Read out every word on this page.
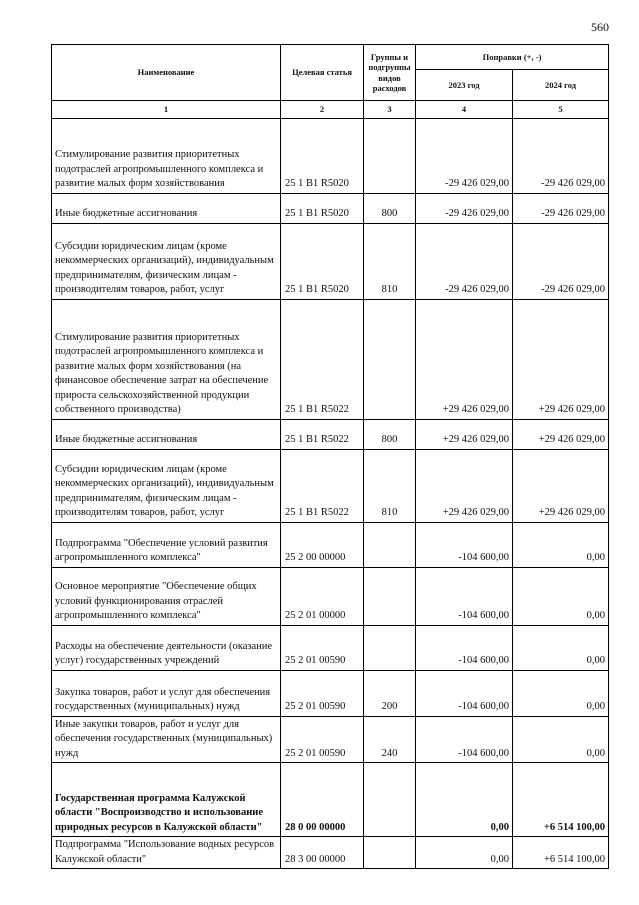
560
Наименование	Целевая статья	Группы и подгруппы видов расходов	Поправки (+, -)	
			2023 год	2024 год
1	2	3	4	5
Стимулирование развития приоритетных подотраслей агропромышленного комплекса и развитие малых форм хозяйствования	25 1 B1 R5020		-29 426 029,00	-29 426 029,00
Иные бюджетные ассигнования	25 1 B1 R5020	800	-29 426 029,00	-29 426 029,00
Субсидии юридическим лицам (кроме некоммерческих организаций), индивидуальным предпринимателям, физическим лицам - производителям товаров, работ, услуг	25 1 B1 R5020	810	-29 426 029,00	-29 426 029,00
Стимулирование развития приоритетных подотраслей агропромышленного комплекса и развитие малых форм хозяйствования (на финансовое обеспечение затрат на обеспечение прироста сельскохозяйственной продукции собственного производства)	25 1 B1 R5022		+29 426 029,00	+29 426 029,00
Иные бюджетные ассигнования	25 1 B1 R5022	800	+29 426 029,00	+29 426 029,00
Субсидии юридическим лицам (кроме некоммерческих организаций), индивидуальным предпринимателям, физическим лицам - производителям товаров, работ, услуг	25 1 B1 R5022	810	+29 426 029,00	+29 426 029,00
Подпрограмма "Обеспечение условий развития агропромышленного комплекса"	25 2 00 00000		-104 600,00	0,00
Основное мероприятие "Обеспечение общих условий функционирования отраслей агропромышленного комплекса"	25 2 01 00000		-104 600,00	0,00
Расходы на обеспечение деятельности (оказание услуг) государственных учреждений	25 2 01 00590		-104 600,00	0,00
Закупка товаров, работ и услуг для обеспечения государственных (муниципальных) нужд	25 2 01 00590	200	-104 600,00	0,00
Иные закупки товаров, работ и услуг для обеспечения государственных (муниципальных) нужд	25 2 01 00590	240	-104 600,00	0,00
Государственная программа Калужской области "Воспроизводство и использование природных ресурсов в Калужской области"	28 0 00 00000		0,00	+6 514 100,00
Подпрограмма "Использование водных ресурсов Калужской области"	28 3 00 00000		0,00	+6 514 100,00
